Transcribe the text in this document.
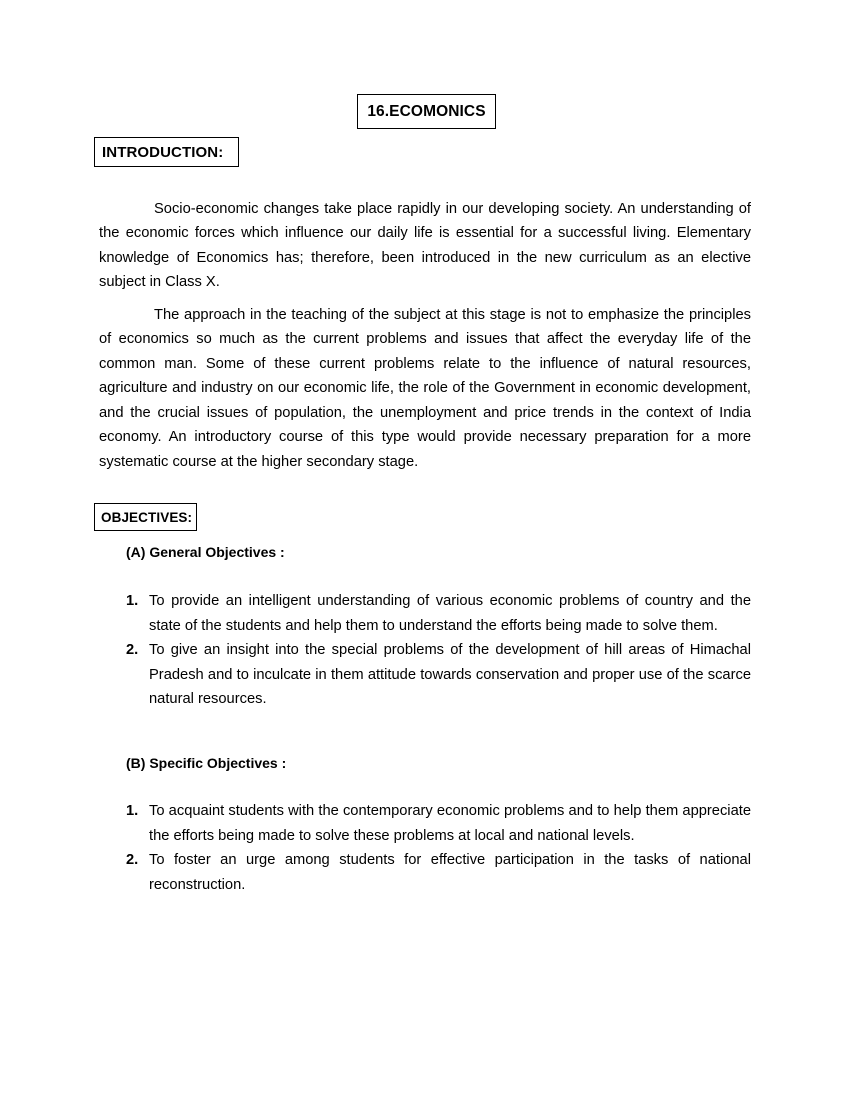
16.ECOMONICS
INTRODUCTION:

Socio-economic changes take place rapidly in our developing society. An understanding of the economic forces which influence our daily life is essential for a successful living. Elementary knowledge of Economics has; therefore, been introduced in the new curriculum as an elective subject in Class X.

The approach in the teaching of the subject at this stage is not to emphasize the principles of economics so much as the current problems and issues that affect the everyday life of the common man. Some of these current problems relate to the influence of natural resources, agriculture and industry on our economic life, the role of the Government in economic development, and the crucial issues of population, the unemployment and price trends in the context of India economy. An introductory course of this type would provide necessary preparation for a more systematic course at the higher secondary stage.

OBJECTIVES:
(A) General Objectives :
1. To provide an intelligent understanding of various economic problems of country and the state of the students and help them to understand the efforts being made to solve them.
2. To give an insight into the special problems of the development of hill areas of Himachal Pradesh and to inculcate in them attitude towards conservation and proper use of the scarce natural resources.
(B) Specific Objectives :
1. To acquaint students with the contemporary economic problems and to help them appreciate the efforts being made to solve these problems at local and national levels.
2. To foster an urge among students for effective participation in the tasks of national reconstruction.
